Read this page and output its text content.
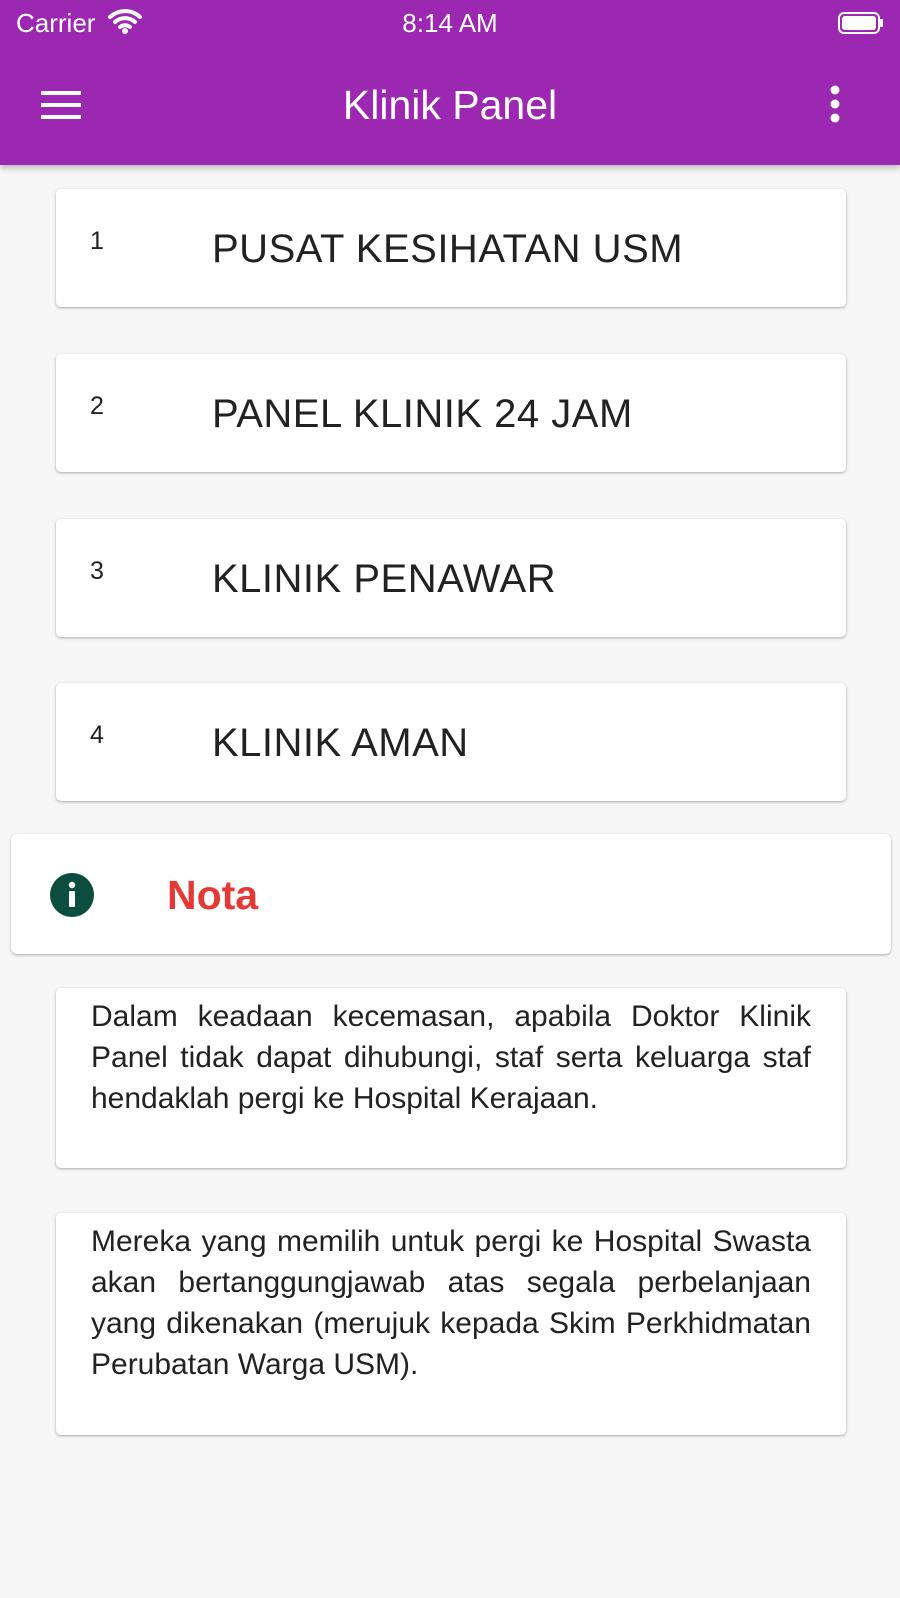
Carrier	8:14 AM
Klinik Panel
1	PUSAT KESIHATAN USM
2	PANEL KLINIK 24 JAM
3	KLINIK PENAWAR
4	KLINIK AMAN
Nota
Dalam keadaan kecemasan, apabila Doktor Klinik Panel tidak dapat dihubungi, staf serta keluarga staf hendaklah pergi ke Hospital Kerajaan.
Mereka yang memilih untuk pergi ke Hospital Swasta akan bertanggungjawab atas segala perbelanjaan yang dikenakan (merujuk kepada Skim Perkhidmatan Perubatan Warga USM).
